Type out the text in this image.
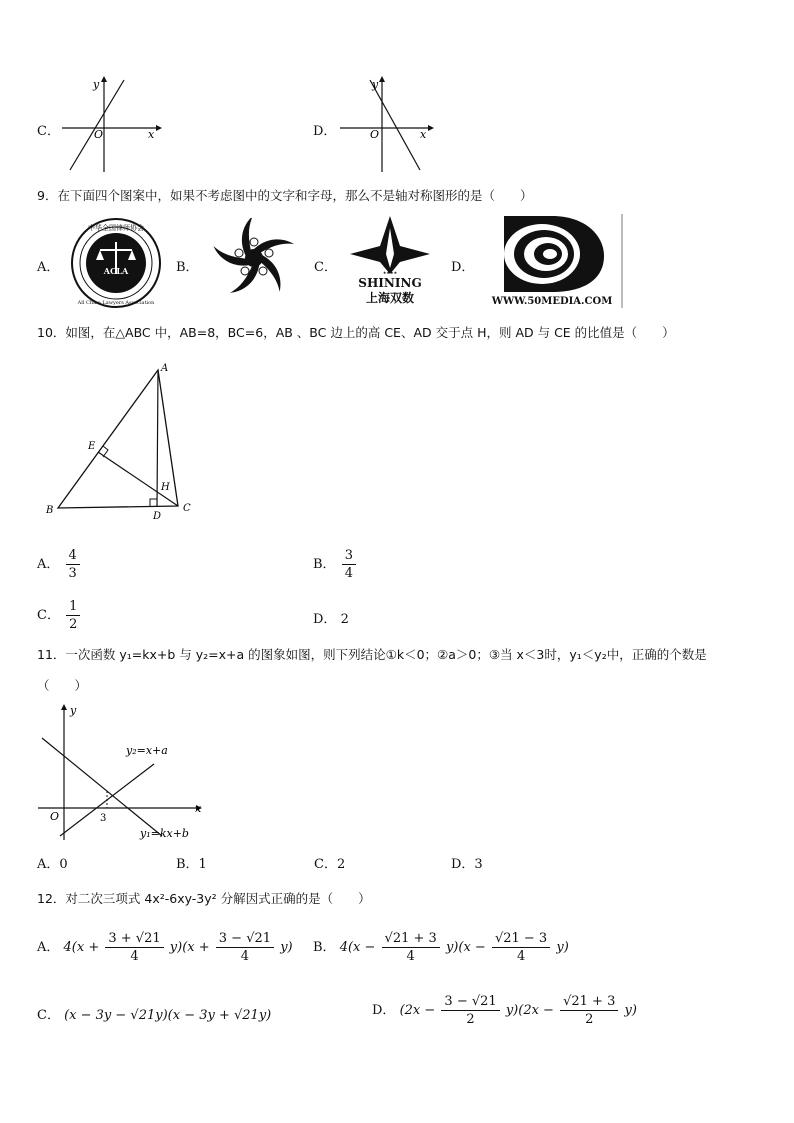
C．
y
x
O	D．
y
x
O
9．在下面四个图案中，如果不考虑图中的文字和字母，那么不是轴对称图形的是（　　）
A．
中华全国律师协会
All China Lawyers Association
ACLA	B．	C．	★★★★
SHINING
上海双数
D．
WWW.50MEDIA.COM
10．如图，在△ABC 中，AB=8，BC=6，AB 、BC 边上的高 CE、AD 交于点 H，则 AD 与 CE 的比值是（　　）
A
B	C
D
E
H
A． $\frac{4}{3}$	B． $\frac{3}{4}$
C． $\frac{1}{2}$	D． 2
11．一次函数 y₁=kx+b 与 y₂=x+a 的图象如图，则下列结论①k＜0；②a＞0；③当 x＜3时，y₁＜y₂中，正确的个数是
（　　）
y
x
O	3
y₂=x+a
y₁=kx+b
A．0	B．1	C．2	D．3
12．对二次三项式 4x²-6xy-3y² 分解因式正确的是（　　）
A． $4(x + \frac{3 + √21}{4} y)(x + \frac{3 - √21}{4} y)$ B． $4(x - \frac{√21 + 3}{4} y)(x - \frac{√21 - 3}{4} y)$
C． (x − 3y − √21y)(x − 3y + √21y)	D． $(2x - \frac{3 - √21}{2} y)(2x - \frac{√21 + 3}{2} y)$
